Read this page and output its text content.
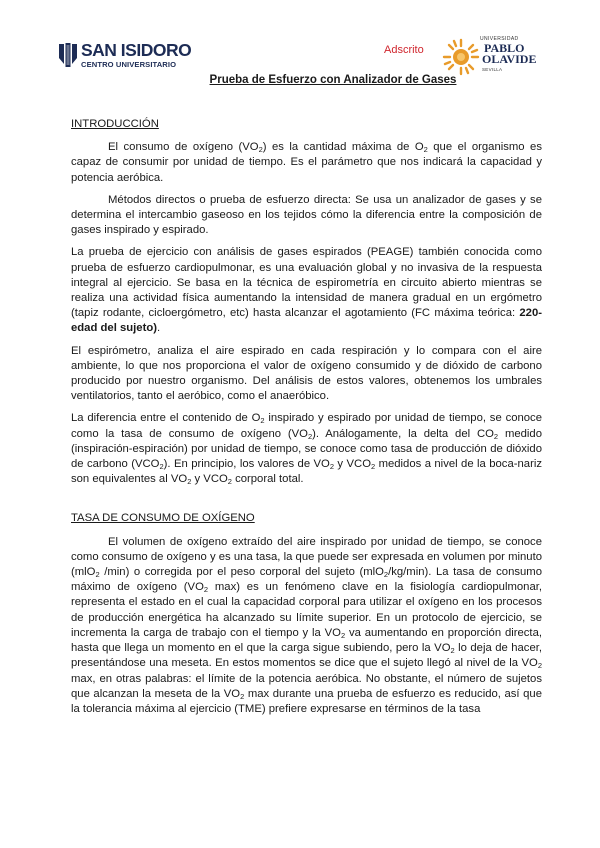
SAN ISIDORO
CENTRO UNIVERSITARIO
Adscrito
UNIVERSIDAD
PABLO
OLAVIDE
SEVILLA
Prueba de Esfuerzo con Analizador de Gases
INTRODUCCIÓN

El consumo de oxígeno $(VO_2)$ es la cantidad máxima de $O_2$ que el organismo es capaz de consumir por unidad de tiempo. Es el parámetro que nos indicará la capacidad y potencia aeróbica.

Métodos directos o prueba de esfuerzo directa: Se usa un analizador de gases y se determina el intercambio gaseoso en los tejidos cómo la diferencia entre la composición de gases inspirado y espirado.

La prueba de ejercicio con análisis de gases espirados (PEAGE) también conocida como prueba de esfuerzo cardiopulmonar, es una evaluación global y no invasiva de la respuesta integral al ejercicio. Se basa en la técnica de espirometría en circuito abierto mientras se realiza una actividad física aumentando la intensidad de manera gradual en un ergómetro (tapiz rodante, cicloergómetro, etc) hasta alcanzar el agotamiento (FC máxima teórica: 220-edad del sujeto).

El espirómetro, analiza el aire espirado en cada respiración y lo compara con el aire ambiente, lo que nos proporciona el valor de oxígeno consumido y de dióxido de carbono producido por nuestro organismo. Del análisis de estos valores, obtenemos los umbrales ventilatorios, tanto el aeróbico, como el anaeróbico.

La diferencia entre el contenido de $O_2$ inspirado y espirado por unidad de tiempo, se conoce como la tasa de consumo de oxígeno $(VO_2)$. Análogamente, la delta del $CO_2$ medido (inspiración-espiración) por unidad de tiempo, se conoce como tasa de producción de dióxido de carbono $(VCO_2)$. En principio, los valores de $VO_2$ y $VCO_2$ medidos a nivel de la boca-nariz son equivalentes al $VO_2$ y $VCO_2$ corporal total.

TASA DE CONSUMO DE OXÍGENO

El volumen de oxígeno extraído del aire inspirado por unidad de tiempo, se conoce como consumo de oxígeno y es una tasa, la que puede ser expresada en volumen por minuto (mlO$_2$ /min) o corregida por el peso corporal del sujeto (mlO$_2$/kg/min). La tasa de consumo máximo de oxígeno ($VO_2$ max) es un fenómeno clave en la fisiología cardiopulmonar, representa el estado en el cual la capacidad corporal para utilizar el oxígeno en los procesos de producción energética ha alcanzado su límite superior. En un protocolo de ejercicio, se incrementa la carga de trabajo con el tiempo y la $VO_2$ va aumentando en proporción directa, hasta que llega un momento en el que la carga sigue subiendo, pero la $VO_2$ lo deja de hacer, presentándose una meseta. En estos momentos se dice que el sujeto llegó al nivel de la $VO_2$ max, en otras palabras: el límite de la potencia aeróbica. No obstante, el número de sujetos que alcanzan la meseta de la $VO_2$ max durante una prueba de esfuerzo es reducido, así que la tolerancia máxima al ejercicio (TME) prefiere expresarse en términos de la tasa
